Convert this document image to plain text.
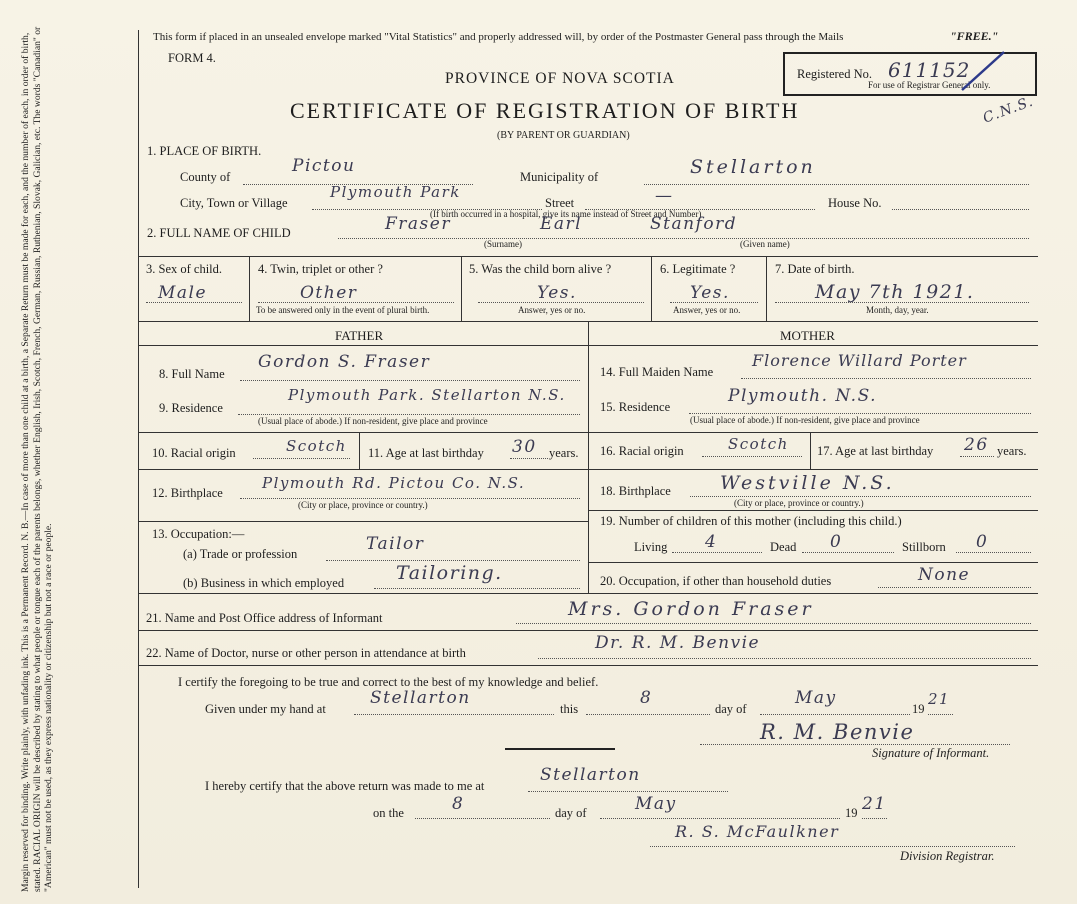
Margin reserved for binding. Write plainly, with unfading ink. This is a Permanent Record. N. B.—In case of more than one child at a birth, a Separate Return must be made for each, and the number of each, in order of birth, stated. RACIAL ORIGIN will be described by stating to what people or tongue each of the parents belongs, whether English, Irish, Scotch, French, German, Russian, Ruthenian, Slovak, Galician, etc. The words "Canadian" or "American" must not be used, as they express nationality or citizenship but not a race or people.
This form if placed in an unsealed envelope marked "Vital Statistics" and properly addressed will, by order of the Postmaster General pass through the Mails	"FREE."
FORM 4.
PROVINCE OF NOVA SCOTIA
CERTIFICATE OF REGISTRATION OF BIRTH
(BY PARENT OR GUARDIAN)
Registered No. 611152
For use of Registrar General only.
C.N.S.
1. PLACE OF BIRTH.
County of
Pictou
Municipality of	Stellarton
City, Town or Village
Plymouth Park
Street	—	House No.
(If birth occurred in a hospital, give its name instead of Street and Number)
2. FULL NAME OF CHILD	Fraser	Earl	Stanford
(Surname)	(Given name)
3. Sex of child.
Male
4. Twin, triplet or other ?
Other
To be answered only in the event of plural birth.
5. Was the child born alive ?
Yes.
Answer, yes or no.
6. Legitimate ?
Yes.
Answer, yes or no.
7. Date of birth.
May 7th 1921.
Month, day, year.
FATHER	MOTHER
8. Full Name
Gordon S. Fraser
9. Residence
Plymouth Park. Stellarton N.S.
(Usual place of abode.) If non-resident, give place and province
10. Racial origin	Scotch 11. Age at last birthday 30 years.
12. Birthplace
Plymouth Rd. Pictou Co. N.S.
(City or place, province or country.)
13. Occupation:—
(a) Trade or profession	Tailor
(b) Business in which employed	Tailoring.
14. Full Maiden Name
Florence Willard Porter
15. Residence
Plymouth. N.S.
(Usual place of abode.) If non-resident, give place and province
16. Racial origin	Scotch 17. Age at last birthday 26 years.
18. Birthplace	Westville N.S.
(City or place, province or country.)
19. Number of children of this mother (including this child.)
Living 4	Dead 0	Stillborn 0
20. Occupation, if other than household duties	None
21. Name and Post Office address of Informant	Mrs. Gordon Fraser
22. Name of Doctor, nurse or other person in attendance at birth	Dr. R. M. Benvie
I certify the foregoing to be true and correct to the best of my knowledge and belief.
Given under my hand at
Stellarton
this
8
day of
May
19
21
R. M. Benvie
Signature of Informant.
I hereby certify that the above return was made to me at
Stellarton
on the	8	day of	May	19 21
R. S. McFaulkner
Division Registrar.
